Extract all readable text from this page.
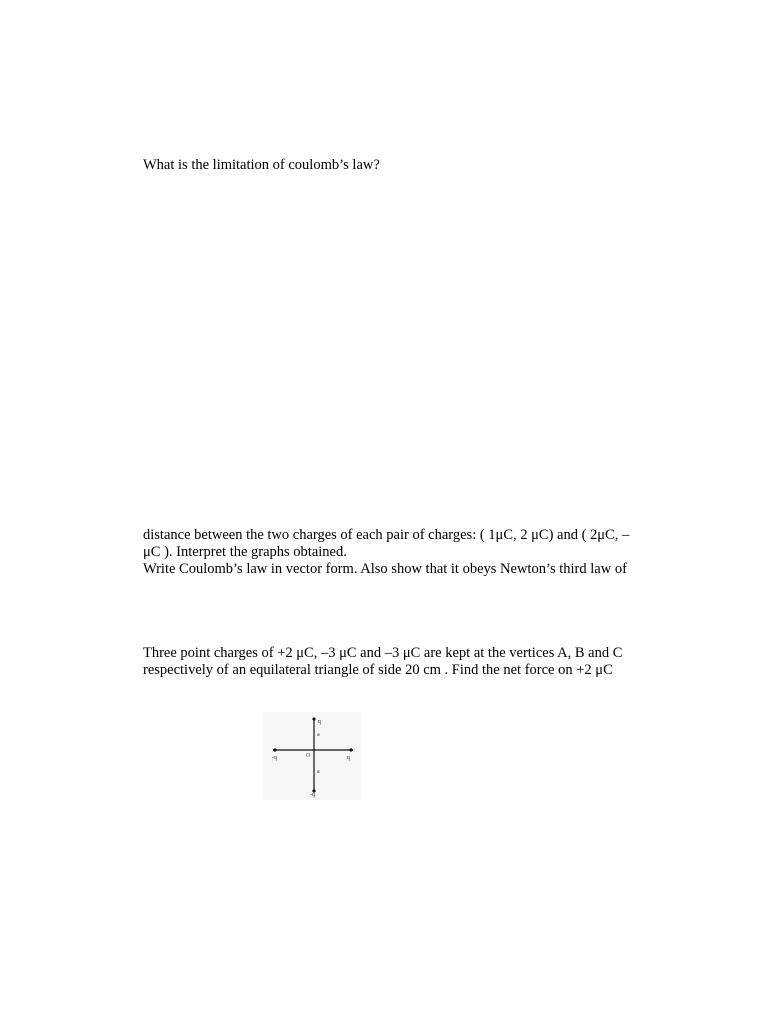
What is the limitation of coulomb’s law?
distance between the two charges of each pair of charges: ( 1μC, 2 μC) and ( 2μC, –
μC ). Interpret the graphs obtained.
Write Coulomb’s law in vector form. Also show that it obeys Newton’s third law of
Three point charges of +2 μC, –3 μC and –3 μC are kept at the vertices A, B and C
respectively of an equilateral triangle of side 20 cm . Find the net force on +2 μC
q
a
O
a
-q	q
-q
